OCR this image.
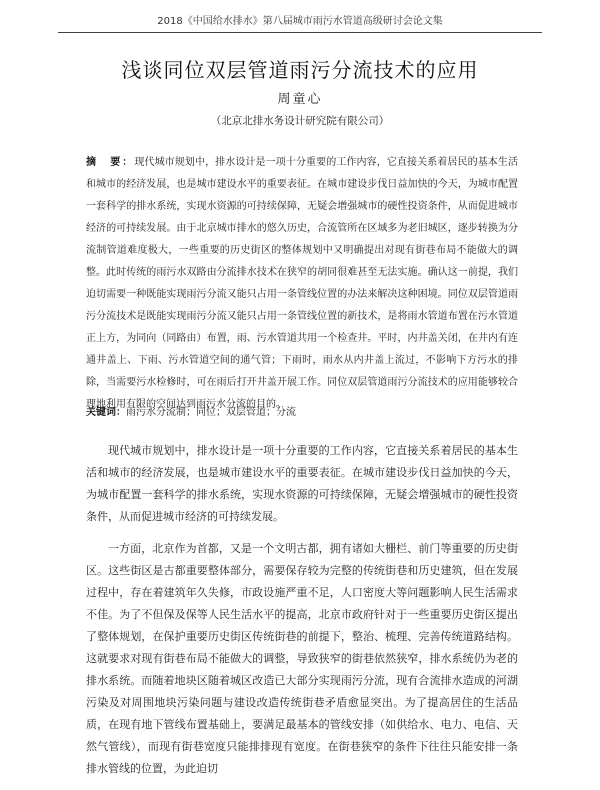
2018《中国给水排水》第八届城市雨污水管道高级研讨会论文集
浅谈同位双层管道雨污分流技术的应用
周童心
（北京北排水务设计研究院有限公司）
摘　要：现代城市规划中，排水设计是一项十分重要的工作内容，它直接关系着居民的基本生活和城市的经济发展，也是城市建设水平的重要表征。在城市建设步伐日益加快的今天，为城市配置一套科学的排水系统，实现水资源的可持续保障，无疑会增强城市的硬性投资条件，从而促进城市经济的可持续发展。由于北京城市排水的悠久历史，合流管所在区域多为老旧城区，逐步转换为分流制管道难度极大，一些重要的历史街区的整体规划中又明确提出对现有街巷布局不能做大的调整。此时传统的雨污水双路由分流排水技术在狭窄的胡同很难甚至无法实施。确认这一前提，我们迫切需要一种既能实现雨污分流又能只占用一条管线位置的办法来解决这种困境。同位双层管道雨污分流技术是既能实现雨污分流又能只占用一条管线位置的新技术，是将雨水管道布置在污水管道正上方，为同向（同路由）布置，雨、污水管道共用一个检查井。平时，内井盖关闭，在井内有连通井盖上、下雨、污水管道空间的通气管；下雨时，雨水从内井盖上流过，不影响下方污水的排除，当需要污水检修时，可在雨后打开井盖开展工作。同位双层管道雨污分流技术的应用能够较合理地利用有限的空间达到雨污水分流的目的。
关键词：雨污水分流制；同位；双层管道；分流

现代城市规划中，排水设计是一项十分重要的工作内容，它直接关系着居民的基本生活和城市的经济发展，也是城市建设水平的重要表征。在城市建设步伐日益加快的今天，为城市配置一套科学的排水系统，实现水资源的可持续保障，无疑会增强城市的硬性投资条件，从而促进城市经济的可持续发展。

一方面，北京作为首都，又是一个文明古都，拥有诸如大栅栏、前门等重要的历史街区。这些街区是古都重要整体部分，需要保存较为完整的传统街巷和历史建筑，但在发展过程中，存在着建筑年久失修，市政设施严重不足，人口密度大等问题影响人民生活需求不佳。为了不但保及保等人民生活水平的提高，北京市政府针对于一些重要历史街区提出了整体规划，在保护重要历史街区传统街巷的前提下，整治、梳理、完善传统道路结构。这就要求对现有街巷布局不能做大的调整，导致狭窄的街巷依然狭窄，排水系统仍为老的排水系统。而随着地块区随着城区改造已大部分实现雨污分流，现有合流排水造成的河湖污染及对周围地块污染问题与建设改造传统街巷矛盾愈显突出。为了提高居住的生活品质，在现有地下管线布置基础上，要满足最基本的管线安排（如供给水、电力、电信、天然气管线），而现有街巷宽度只能排排现有宽度。在街巷狭窄的条件下往往只能安排一条排水管线的位置，为此迫切
